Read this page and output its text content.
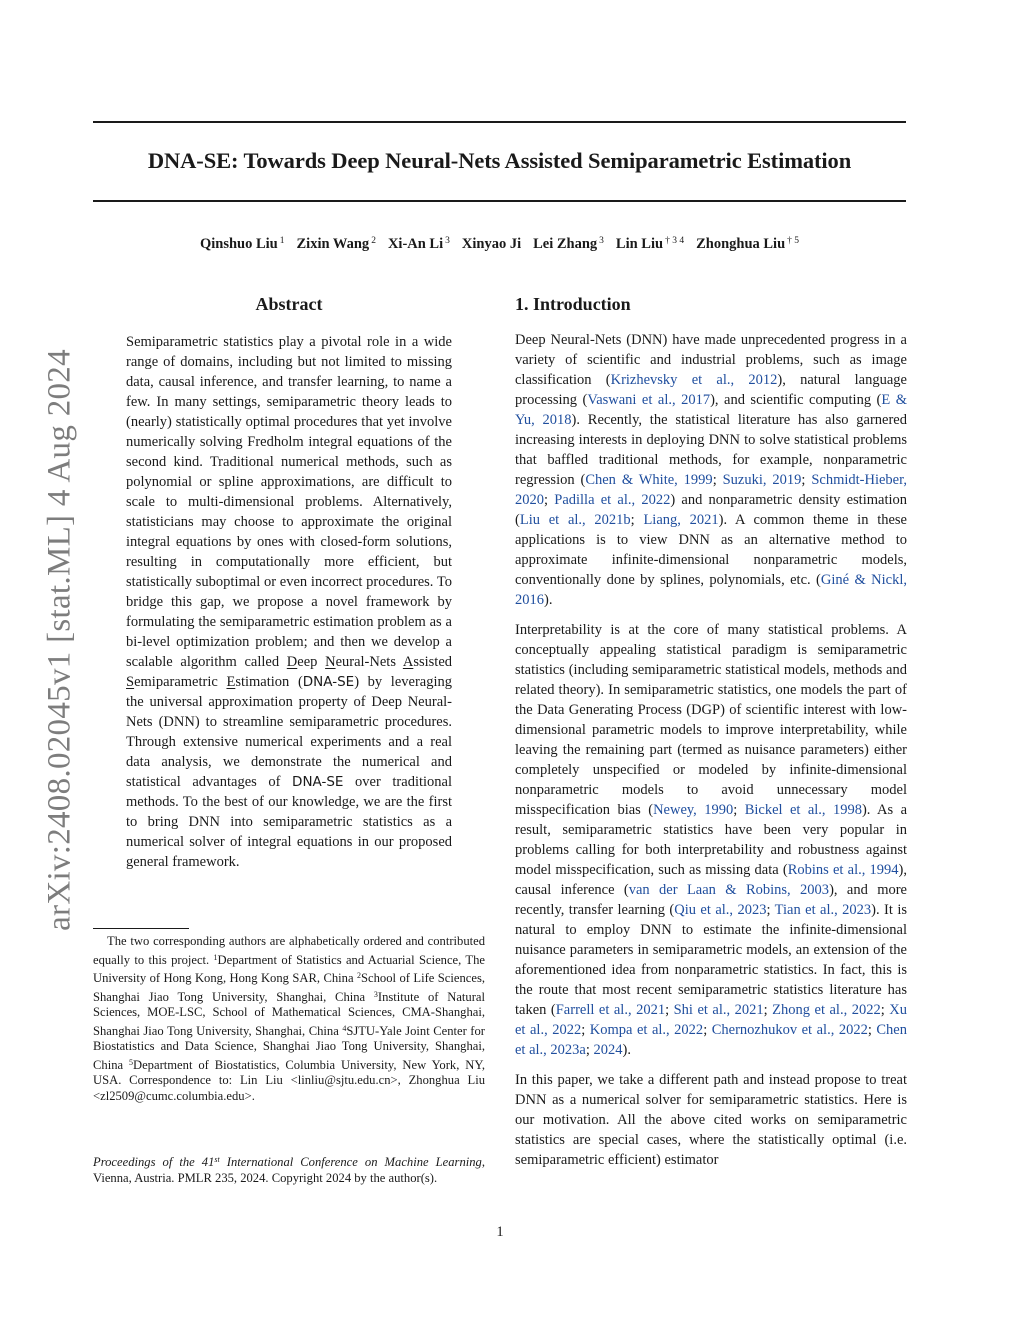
arXiv:2408.02045v1 [stat.ML] 4 Aug 2024
DNA-SE: Towards Deep Neural-Nets Assisted Semiparametric Estimation
Qinshuo Liu $^1$ Zixin Wang $^2$ Xi-An Li $^3$ Xinyao Ji Lei Zhang $^3$ Lin Liu $^{\dagger 3 4}$ Zhonghua Liu $^{\dagger 5}$
Abstract
Semiparametric statistics play a pivotal role in a wide range of domains, including but not limited to missing data, causal inference, and transfer learning, to name a few. In many settings, semiparametric theory leads to (nearly) statistically optimal procedures that yet involve numerically solving Fredholm integral equations of the second kind. Traditional numerical methods, such as polynomial or spline approximations, are difficult to scale to multi-dimensional problems. Alternatively, statisticians may choose to approximate the original integral equations by ones with closed-form solutions, resulting in computationally more efficient, but statistically suboptimal or even incorrect procedures. To bridge this gap, we propose a novel framework by formulating the semiparametric estimation problem as a bi-level optimization problem; and then we develop a scalable algorithm called Deep Neural-Nets Assisted Semiparametric Estimation (DNA-SE) by leveraging the universal approximation property of Deep Neural-Nets (DNN) to streamline semiparametric procedures. Through extensive numerical experiments and a real data analysis, we demonstrate the numerical and statistical advantages of DNA-SE over traditional methods. To the best of our knowledge, we are the first to bring DNN into semiparametric statistics as a numerical solver of integral equations in our proposed general framework.
The two corresponding authors are alphabetically ordered and contributed equally to this project. $^1$Department of Statistics and Actuarial Science, The University of Hong Kong, Hong Kong SAR, China $^2$School of Life Sciences, Shanghai Jiao Tong University, Shanghai, China $^3$Institute of Natural Sciences, MOE-LSC, School of Mathematical Sciences, CMA-Shanghai, Shanghai Jiao Tong University, Shanghai, China $^4$SJTU-Yale Joint Center for Biostatistics and Data Science, Shanghai Jiao Tong University, Shanghai, China $^5$Department of Biostatistics, Columbia University, New York, NY, USA. Correspondence to: Lin Liu <linliu@sjtu.edu.cn>, Zhonghua Liu <zl2509@cumc.columbia.edu>.
Proceedings of the 41st International Conference on Machine Learning, Vienna, Austria. PMLR 235, 2024. Copyright 2024 by the author(s).
1. Introduction

Deep Neural-Nets (DNN) have made unprecedented progress in a variety of scientific and industrial problems, such as image classification (Krizhevsky et al., 2012), natural language processing (Vaswani et al., 2017), and scientific computing (E & Yu, 2018). Recently, the statistical literature has also garnered increasing interests in deploying DNN to solve statistical problems that baffled traditional methods, for example, nonparametric regression (Chen & White, 1999; Suzuki, 2019; Schmidt-Hieber, 2020; Padilla et al., 2022) and nonparametric density estimation (Liu et al., 2021b; Liang, 2021). A common theme in these applications is to view DNN as an alternative method to approximate infinite-dimensional nonparametric models, conventionally done by splines, polynomials, etc. (Giné & Nickl, 2016).

Interpretability is at the core of many statistical problems. A conceptually appealing statistical paradigm is semiparametric statistics (including semiparametric statistical models, methods and related theory). In semiparametric statistics, one models the part of the Data Generating Process (DGP) of scientific interest with low-dimensional parametric models to improve interpretability, while leaving the remaining part (termed as nuisance parameters) either completely unspecified or modeled by infinite-dimensional nonparametric models to avoid unnecessary model misspecification bias (Newey, 1990; Bickel et al., 1998). As a result, semiparametric statistics have been very popular in problems calling for both interpretability and robustness against model misspecification, such as missing data (Robins et al., 1994), causal inference (van der Laan & Robins, 2003), and more recently, transfer learning (Qiu et al., 2023; Tian et al., 2023). It is natural to employ DNN to estimate the infinite-dimensional nuisance parameters in semiparametric models, an extension of the aforementioned idea from nonparametric statistics. In fact, this is the route that most recent semiparametric statistics literature has taken (Farrell et al., 2021; Shi et al., 2021; Zhong et al., 2022; Xu et al., 2022; Kompa et al., 2022; Chernozhukov et al., 2022; Chen et al., 2023a; 2024).

In this paper, we take a different path and instead propose to treat DNN as a numerical solver for semiparametric statistics. Here is our motivation. All the above cited works on semiparametric statistics are special cases, where the statistically optimal (i.e. semiparametric efficient) estimator

1
